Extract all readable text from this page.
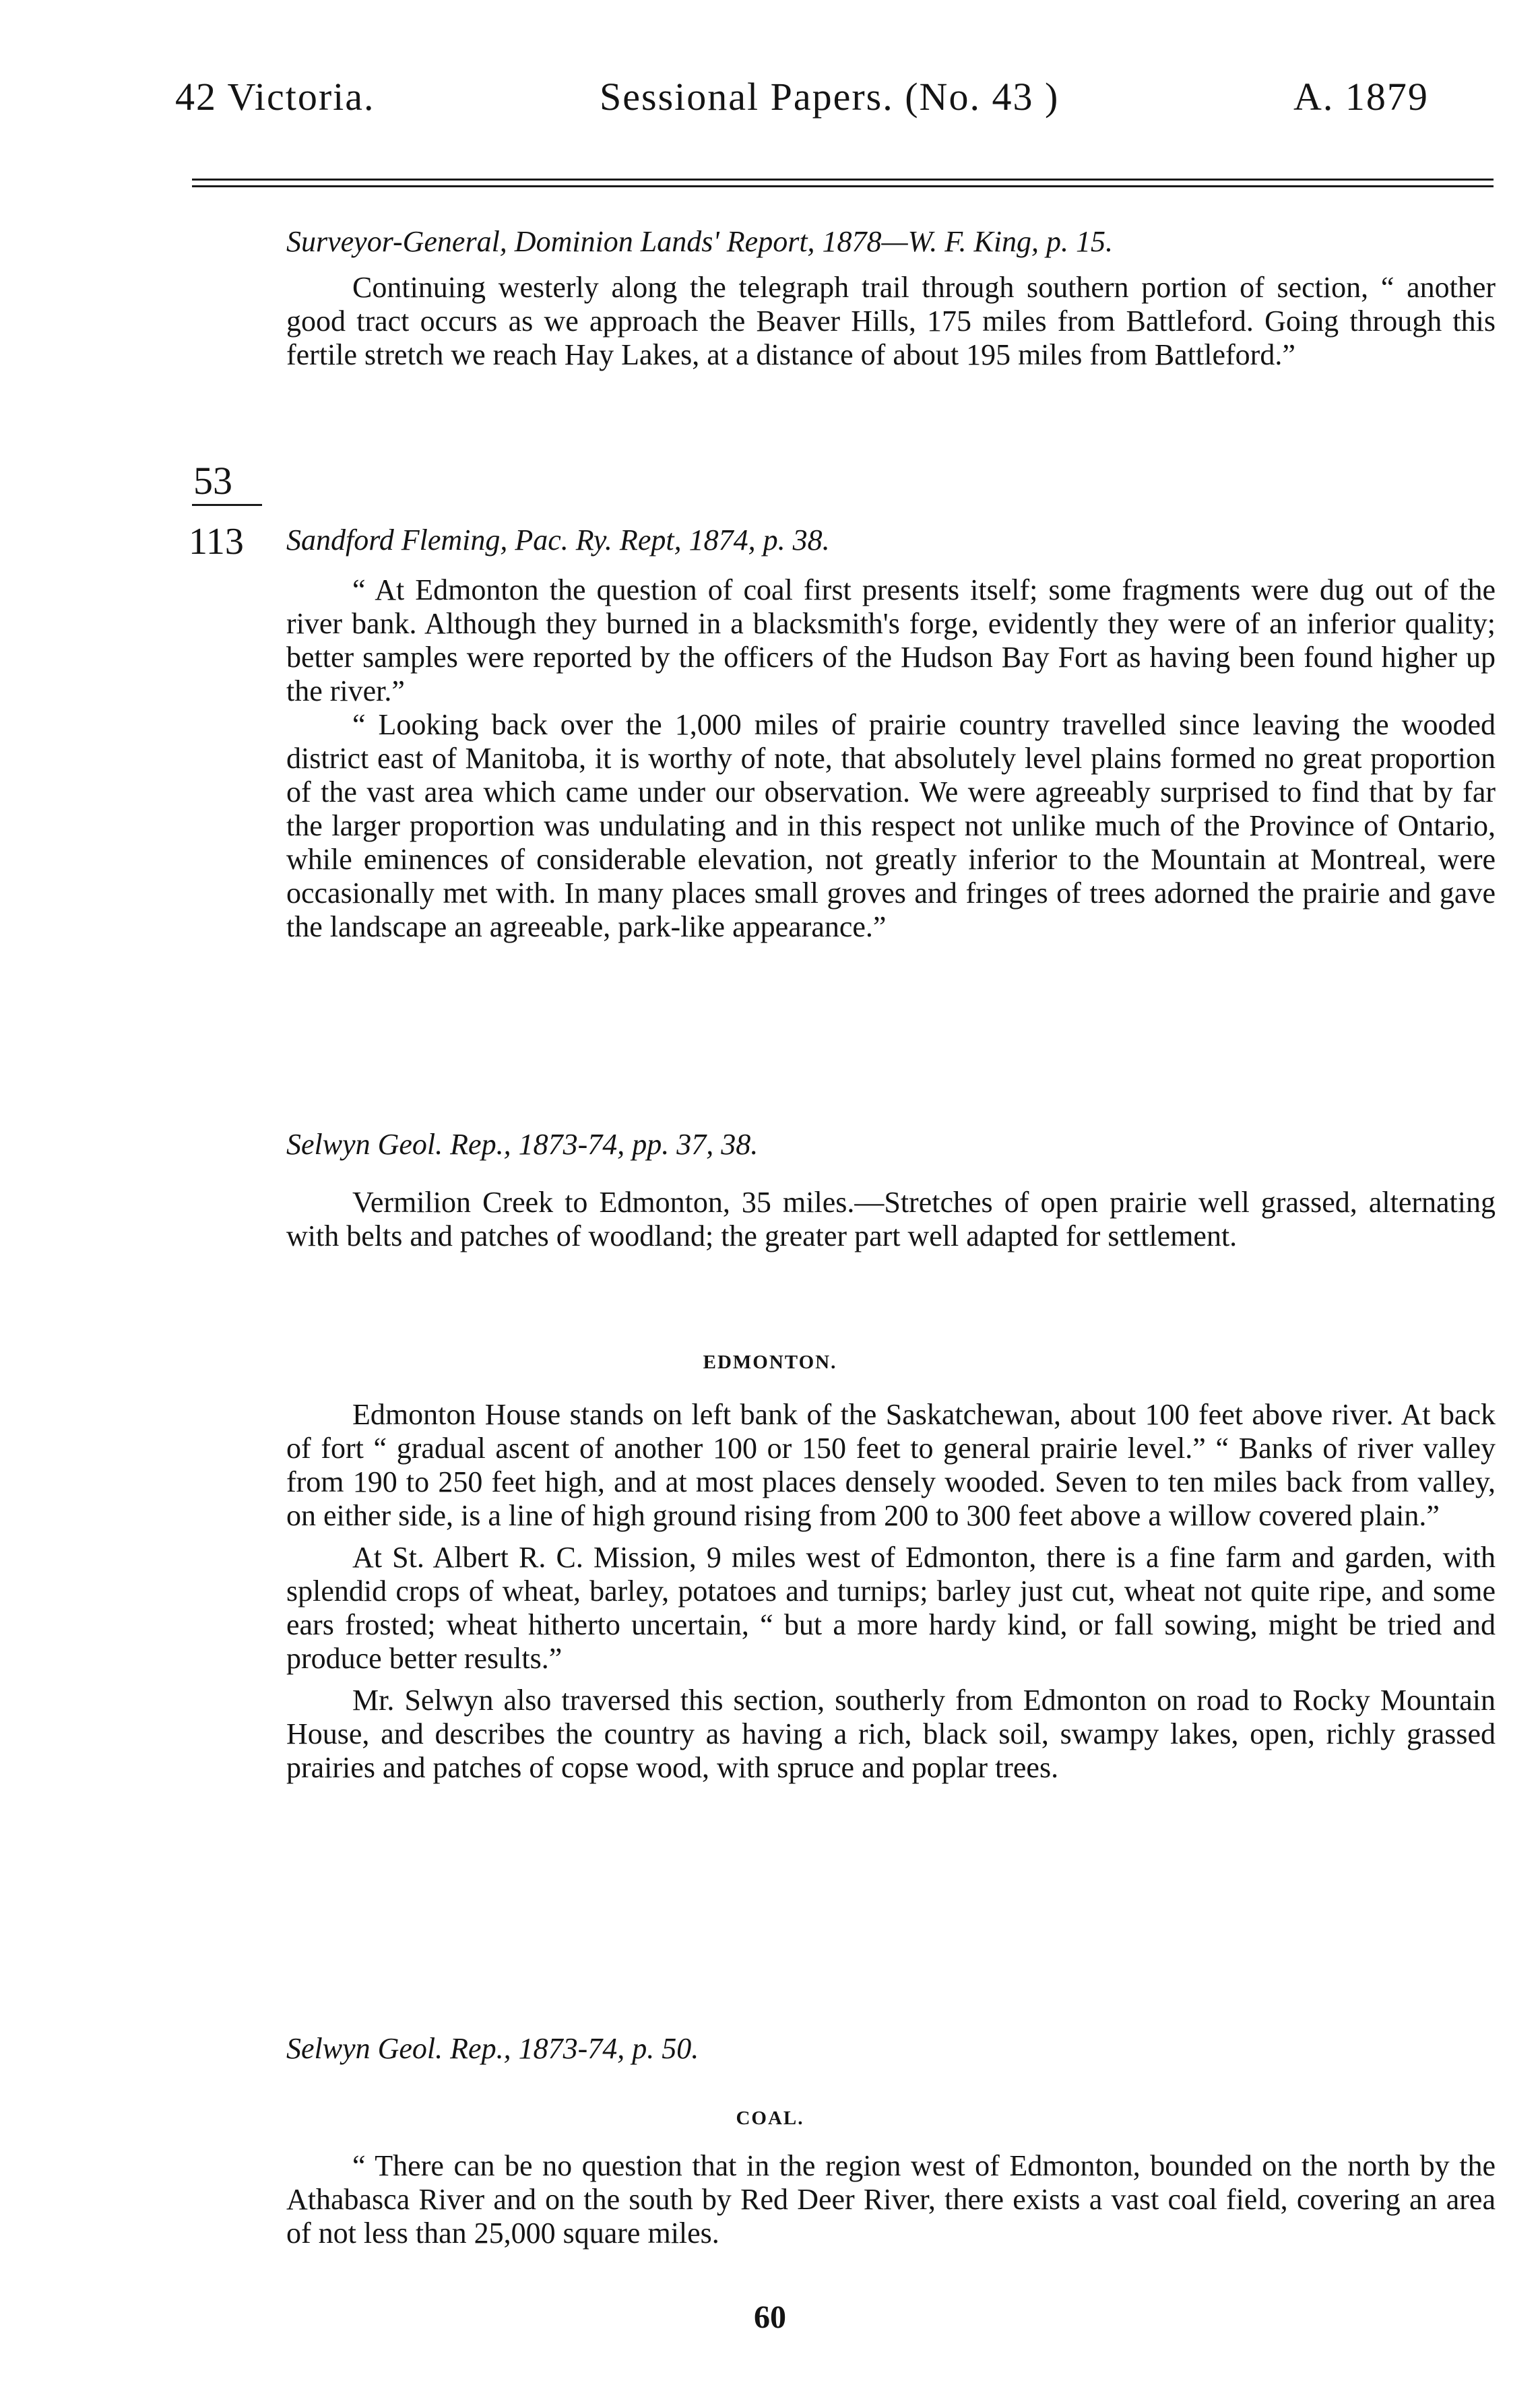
42 Victoria.	Sessional Papers. (No. 43 )	A. 1879
53
113
Surveyor-General, Dominion Lands' Report, 1878—W. F. King, p. 15.

Continuing westerly along the telegraph trail through southern portion of section, “ another good tract occurs as we approach the Beaver Hills, 175 miles from Battleford. Going through this fertile stretch we reach Hay Lakes, at a distance of about 195 miles from Battleford.”

Sandford Fleming, Pac. Ry. Rept, 1874, p. 38.

“ At Edmonton the question of coal first presents itself; some fragments were dug out of the river bank. Although they burned in a blacksmith's forge, evidently they were of an inferior quality; better samples were reported by the officers of the Hudson Bay Fort as having been found higher up the river.”

“ Looking back over the 1,000 miles of prairie country travelled since leaving the wooded district east of Manitoba, it is worthy of note, that absolutely level plains formed no great proportion of the vast area which came under our observation. We were agreeably surprised to find that by far the larger proportion was undulating and in this respect not unlike much of the Province of Ontario, while eminences of considerable elevation, not greatly inferior to the Mountain at Montreal, were occasionally met with. In many places small groves and fringes of trees adorned the prairie and gave the landscape an agreeable, park-like appearance.”

Selwyn Geol. Rep., 1873-74, pp. 37, 38.

Vermilion Creek to Edmonton, 35 miles.—Stretches of open prairie well grassed, alternating with belts and patches of woodland; the greater part well adapted for settlement.

EDMONTON.

Edmonton House stands on left bank of the Saskatchewan, about 100 feet above river. At back of fort “ gradual ascent of another 100 or 150 feet to general prairie level.” “ Banks of river valley from 190 to 250 feet high, and at most places densely wooded. Seven to ten miles back from valley, on either side, is a line of high ground rising from 200 to 300 feet above a willow covered plain.”

At St. Albert R. C. Mission, 9 miles west of Edmonton, there is a fine farm and garden, with splendid crops of wheat, barley, potatoes and turnips; barley just cut, wheat not quite ripe, and some ears frosted; wheat hitherto uncertain, “ but a more hardy kind, or fall sowing, might be tried and produce better results.”

Mr. Selwyn also traversed this section, southerly from Edmonton on road to Rocky Mountain House, and describes the country as having a rich, black soil, swampy lakes, open, richly grassed prairies and patches of copse wood, with spruce and poplar trees.

Selwyn Geol. Rep., 1873-74, p. 50.
COAL.

“ There can be no question that in the region west of Edmonton, bounded on the north by the Athabasca River and on the south by Red Deer River, there exists a vast coal field, covering an area of not less than 25,000 square miles.

60
